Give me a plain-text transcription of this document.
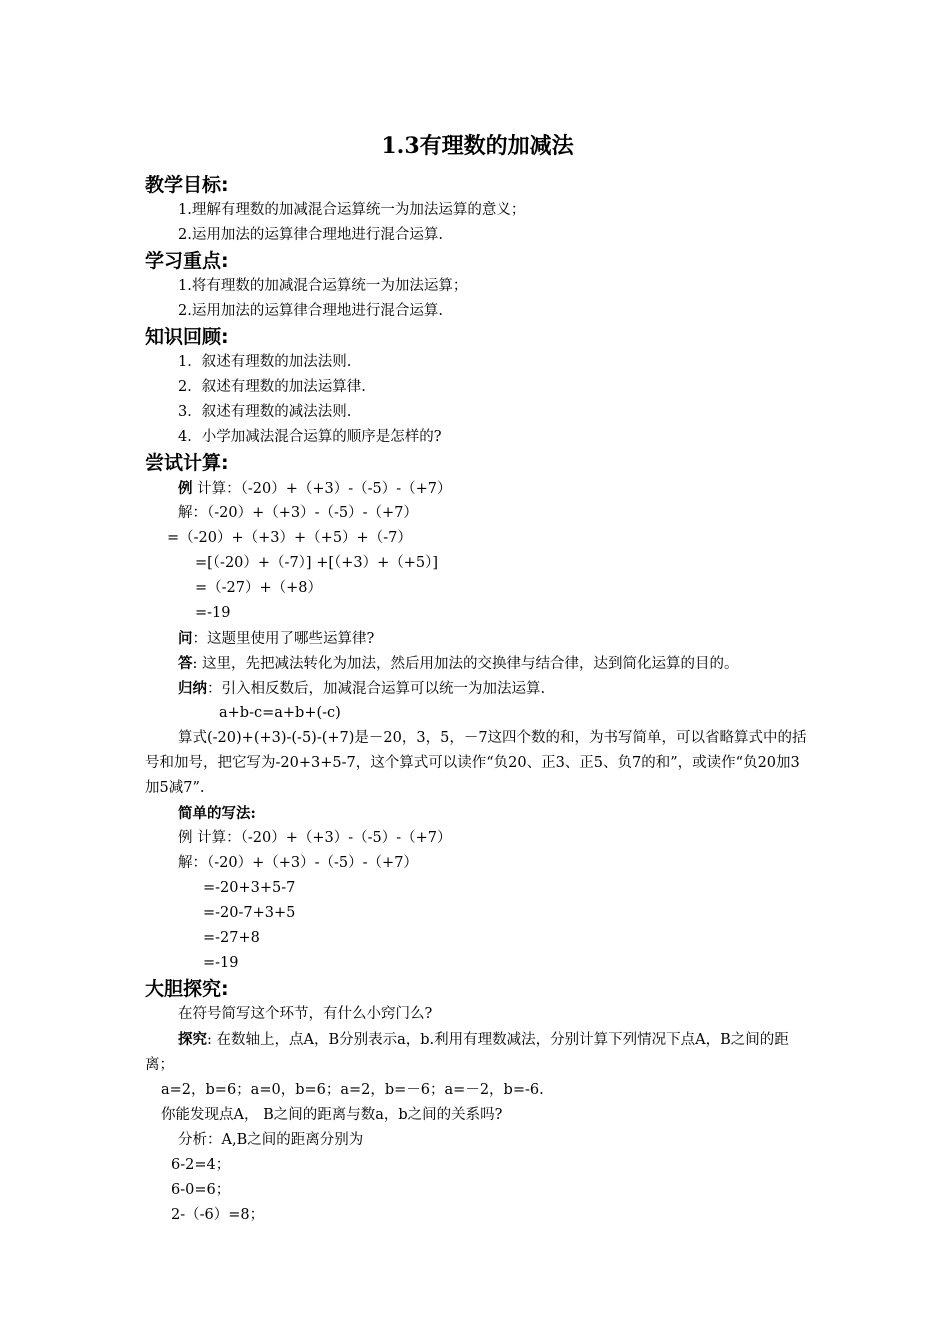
1.3有理数的加减法
教学目标:
1.理解有理数的加减混合运算统一为加法运算的意义；
2.运用加法的运算律合理地进行混合运算.
学习重点:
1.将有理数的加减混合运算统一为加法运算；
2.运用加法的运算律合理地进行混合运算.
知识回顾:
1．叙述有理数的加法法则.
2．叙述有理数的加法运算律.
3．叙述有理数的减法法则.
4．小学加减法混合运算的顺序是怎样的?
尝试计算:
例 计算：（-20）+（+3）-（-5）-（+7）
解：（-20）+（+3）-（-5）-（+7）
=（-20）+（+3）+（+5）+（-7）
=[（-20）+（-7）] +[（+3）+（+5）]
=（-27）+（+8）
=-19
问：这题里使用了哪些运算律?
答: 这里，先把减法转化为加法，然后用加法的交换律与结合律，达到简化运算的目的。
归纳：引入相反数后，加减混合运算可以统一为加法运算.
a+b-c=a+b+(-c)
算式(-20)+(+3)-(-5)-(+7)是－20，3，5，－7这四个数的和，为书写简单，可以省略算式中的括号和加号，把它写为-20+3+5-7，这个算式可以读作“负20、正3、正5、负7的和”，或读作“负20加3加5减7”.
简单的写法:
例 计算：（-20）+（+3）-（-5）-（+7）
解：（-20）+（+3）-（-5）-（+7）
=-20+3+5-7
=-20-7+3+5
=-27+8
=-19
大胆探究:
在符号简写这个环节，有什么小窍门么?
探究: 在数轴上，点A，B分别表示a，b.利用有理数减法，分别计算下列情况下点A，B之间的距离；
a=2，b=6；a=0，b=6；a=2，b=－6；a=－2，b=-6.
你能发现点A， B之间的距离与数a，b之间的关系吗?
分析：A,B之间的距离分别为
6-2=4；
6-0=6；
2-（-6）=8；
